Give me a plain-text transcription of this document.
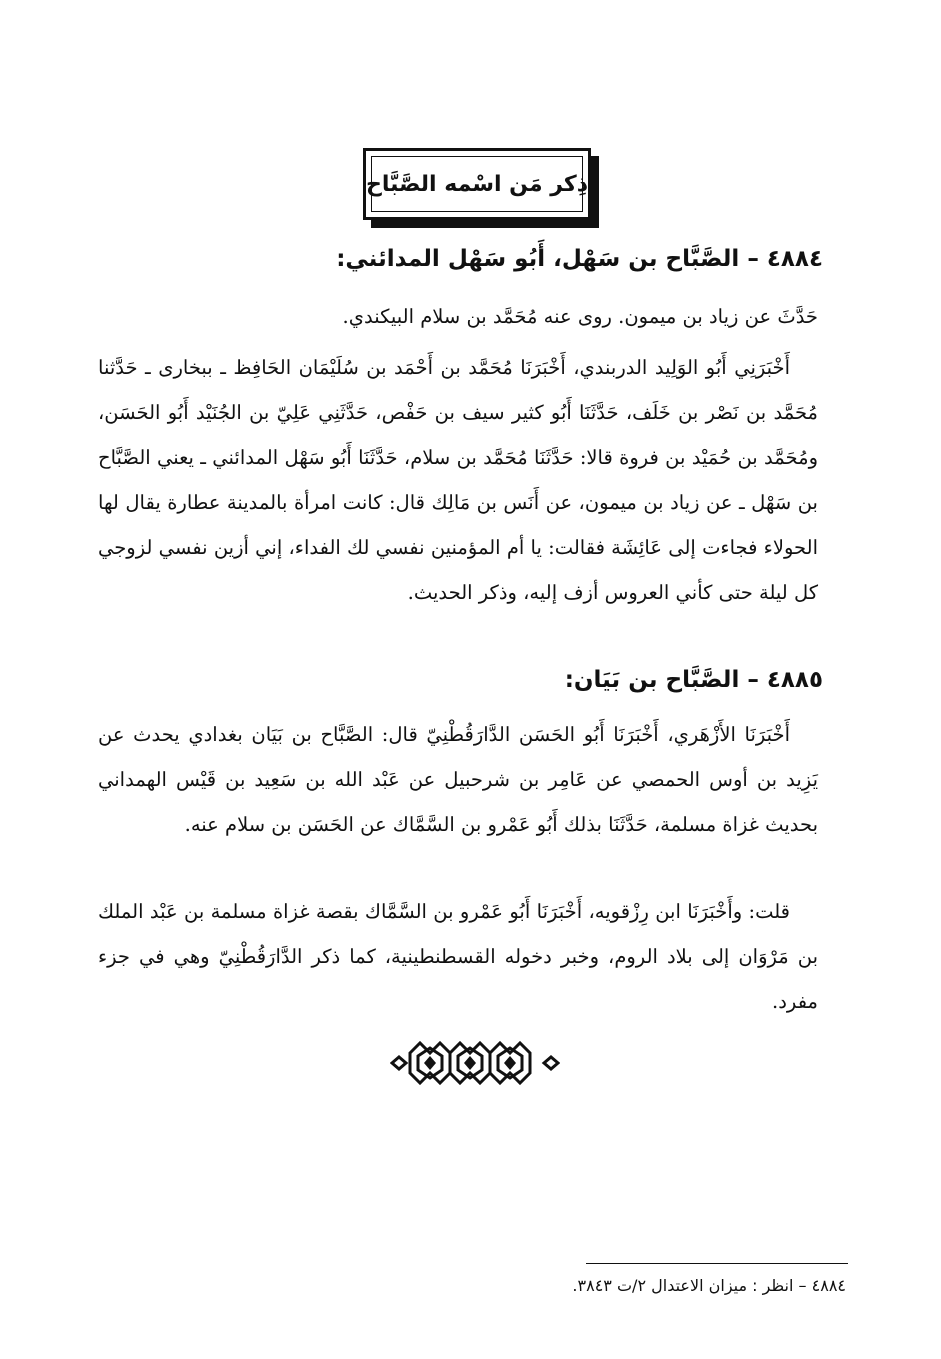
ذِكر مَن اسْمه الصَّبَّاح
٤٨٨٤ – الصَّبَّاح بن سَهْل، أَبُو سَهْل المدائني:
حَدَّثَ عن زياد بن ميمون. روى عنه مُحَمَّد بن سلام البيكندي.
أَخْبَرَنِي أَبُو الوَلِيد الدربندي، أَخْبَرَنَا مُحَمَّد بن أَحْمَد بن سُلَيْمَان الحَافِظ ـ ببخارى ـ حَدَّثنا مُحَمَّد بن نَصْر بن خَلَف، حَدَّثَنَا أَبُو كثير سيف بن حَفْص، حَدَّثَنِي عَلِيّ بن الجُنَيْد أَبُو الحَسَن، ومُحَمَّد بن حُمَيْد بن فروة قالا: حَدَّثَنَا مُحَمَّد بن سلام، حَدَّثَنَا أَبُو سَهْل المدائني ـ يعني الصَّبَّاح بن سَهْل ـ عن زياد بن ميمون، عن أَنَس بن مَالِك قال: كانت امرأة بالمدينة عطارة يقال لها الحولاء فجاءت إلى عَائِشَة فقالت: يا أم المؤمنين نفسي لك الفداء، إني أزين نفسي لزوجي كل ليلة حتى كأني العروس أزف إليه، وذكر الحديث.
٤٨٨٥ – الصَّبَّاح بن بَيَان:
أَخْبَرَنَا الأَزْهَري، أَخْبَرَنَا أَبُو الحَسَن الدَّارَقُطْنِيّ قال: الصَّبَّاح بن بَيَان بغدادي يحدث عن يَزِيد بن أوس الحمصي عن عَامِر بن شرحبيل عن عَبْد الله بن سَعِيد بن قَيْس الهمداني بحديث غزاة مسلمة، حَدَّثَنَا بذلك أَبُو عَمْرو بن السَّمَّاك عن الحَسَن بن سلام عنه.
قلت: وأَخْبَرَنَا ابن رِزْقويه، أَخْبَرَنَا أَبُو عَمْرو بن السَّمَّاك بقصة غزاة مسلمة بن عَبْد الملك بن مَرْوَان إلى بلاد الروم، وخبر دخوله القسطنطينية، كما ذكر الدَّارَقُطْنِيّ وهي في جزء مفرد.
٤٨٨٤ – انظر : ميزان الاعتدال ٢/ت ٣٨٤٣.
